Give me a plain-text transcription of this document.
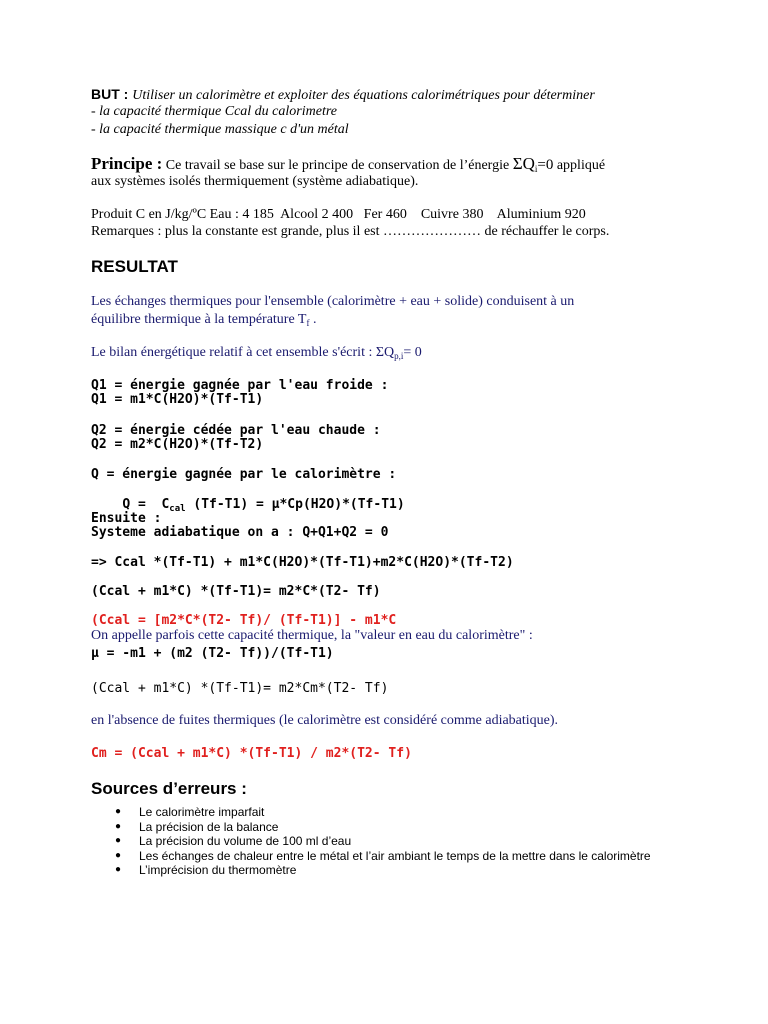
BUT : Utiliser un calorimètre et exploiter des équations calorimétriques pour déterminer
- la capacité thermique Ccal du calorimetre
- la capacité thermique massique c d'un métal
Principe : Ce travail se base sur le principe de conservation de l’énergie $\Sigma Q_i=0$ appliqué
aux systèmes isolés thermiquement (système adiabatique).
Produit C en J/kg/ºC Eau : 4 185  Alcool 2 400   Fer 460    Cuivre 380    Aluminium 920
Remarques : plus la constante est grande, plus il est ………………… de réchauffer le corps.
RESULTAT
Les échanges thermiques pour l'ensemble (calorimètre + eau + solide) conduisent à un
équilibre thermique à la température $T_f$ .
Le bilan énergétique relatif à cet ensemble s'écrit : $\Sigma Q_{p,i}= 0$
Q1 = énergie gagnée par l'eau froide :
Q1 = m1*C(H2O)*(Tf-T1)
Q2 = énergie cédée par l'eau chaude :
Q2 = m2*C(H2O)*(Tf-T2)
Q = énergie gagnée par le calorimètre :

$Q = C_{cal}$ (Tf-T1) = µ*Cp(H2O)*(Tf-T1)

Ensuite :
Systeme adiabatique on a : Q+Q1+Q2 = 0
=> Ccal *(Tf-T1) + m1*C(H2O)*(Tf-T1)+m2*C(H2O)*(Tf-T2)
(Ccal + m1*C) *(Tf-T1)= m2*C*(T2- Tf)
(Ccal = [m2*C*(T2- Tf)/ (Tf-T1)] - m1*C
On appelle parfois cette capacité thermique, la "valeur en eau du calorimètre" :
µ = -m1 + (m2 (T2- Tf))/(Tf-T1)
(Ccal + m1*C) *(Tf-T1)= m2*Cm*(T2- Tf)
en l'absence de fuites thermiques (le calorimètre est considéré comme adiabatique).
Cm = (Ccal + m1*C) *(Tf-T1) / m2*(T2- Tf)
Sources d’erreurs :
● Le calorimètre imparfait
● La précision de la balance
● La précision du volume de 100 ml d’eau
● Les échanges de chaleur entre le métal et l’air ambiant le temps de la mettre dans le calorimètre
● L’imprécision du thermomètre
